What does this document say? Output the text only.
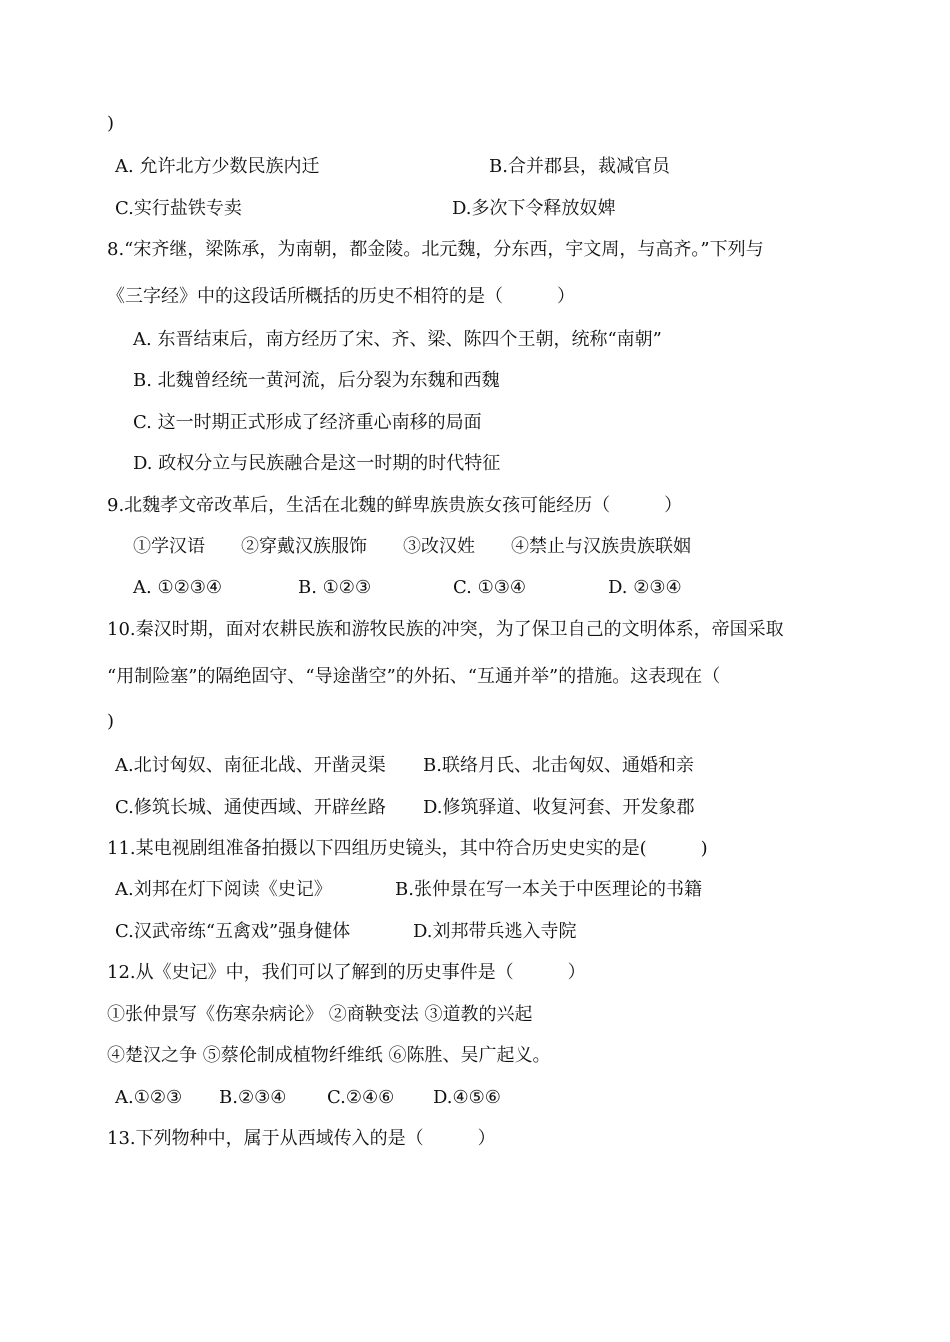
)
A. 允许北方少数民族内迁	B.合并郡县，裁减官员
C.实行盐铁专卖	D.多次下令释放奴婢
8.“宋齐继，梁陈承，为南朝，都金陵。北元魏，分东西，宇文周，与高齐。”下列与
《三字经》中的这段话所概括的历史不相符的是（　　　）
A. 东晋结束后，南方经历了宋、齐、梁、陈四个王朝，统称“南朝”
B. 北魏曾经统一黄河流，后分裂为东魏和西魏
C. 这一时期正式形成了经济重心南移的局面
D. 政权分立与民族融合是这一时期的时代特征
9.北魏孝文帝改革后，生活在北魏的鲜卑族贵族女孩可能经历（　　　）
①学汉语　　②穿戴汉族服饰　　③改汉姓　　④禁止与汉族贵族联姻
A. ①②③④	B. ①②③	C. ①③④	D. ②③④
10.秦汉时期，面对农耕民族和游牧民族的冲突，为了保卫自己的文明体系，帝国采取
“用制险塞”的隔绝固守、“导途凿空”的外拓、“互通并举”的措施。这表现在（
)
A.北讨匈奴、南征北战、开凿灵渠 B.联络月氏、北击匈奴、通婚和亲
C.修筑长城、通使西域、开辟丝路 D.修筑驿道、收复河套、开发象郡
11.某电视剧组准备拍摄以下四组历史镜头，其中符合历史史实的是(　　　)
A.刘邦在灯下阅读《史记》	B.张仲景在写一本关于中医理论的书籍
C.汉武帝练“五禽戏”强身健体	D.刘邦带兵逃入寺院
12.从《史记》中，我们可以了解到的历史事件是（　　　）
①张仲景写《伤寒杂病论》 ②商鞅变法 ③道教的兴起
④楚汉之争 ⑤蔡伦制成植物纤维纸 ⑥陈胜、吴广起义。
A.①②③ B.②③④ C.②④⑥ D.④⑤⑥
13.下列物种中，属于从西域传入的是（　　　）
